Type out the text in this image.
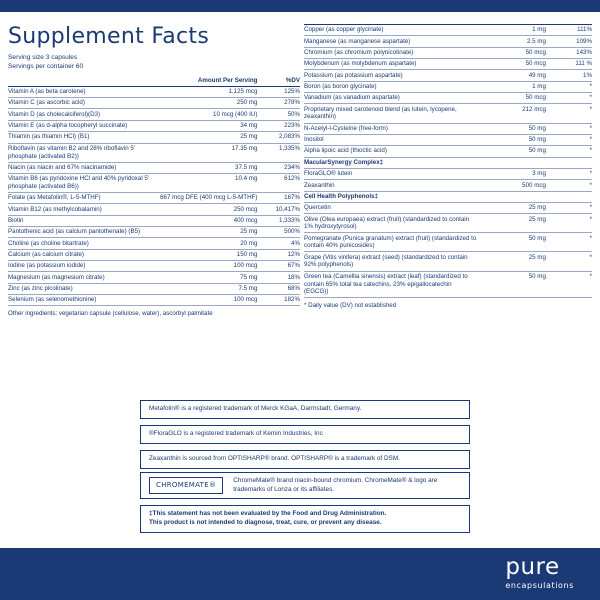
Supplement Facts
Serving size 3 capsules
Servings per container 60
	Amount Per Serving	%DV
Vitamin A (as beta carotene)	1,125 mcg	125%
Vitamin C (as ascorbic acid)	250 mg	278%
Vitamin D (as cholecalciferol)(D3)	10 mcg (400 IU)	50%
Vitamin E (as d-alpha tocopheryl succinate)	34 mg	223%
Thiamin (as thiamin HCl) (B1)	25 mg	2,083%
Riboflavin (as vitamin B2 and 28% riboflavin 5' phosphate (activated B2))	17.35 mg	1,335%
Niacin (as niacin and 67% niacinamide)	37.5 mg	234%
Vitamin B6 (as pyridoxine HCl and 40% pyridoxal 5' phosphate (activated B6))	10.4 mg	612%
Folate (as Metafolin®, L-5-MTHF)	667 mcg DFE (400 mcg L-5-MTHF)	167%
Vitamin B12 (as methylcobalamin)	250 mcg	10,417%
Biotin	400 mcg	1,333%
Pantothenic acid (as calcium pantothenate) (B5)	25 mg	500%
Choline (as choline bitartrate)	20 mg	4%
Calcium (as calcium citrate)	150 mg	12%
Iodine (as potassium iodide)	100 mcg	67%
Magnesium (as magnesium citrate)	75 mg	18%
Zinc (as zinc picolinate)	7.5 mg	68%
Selenium (as selenomethionine)	100 mcg	182%
Other ingredients: vegetarian capsule (cellulose, water), ascorbyl palmitate

Copper (as copper glycinate)	1 mg	111%
Manganese (as manganese aspartate)	2.5 mg	109%
Chromium (as chromium polynicotinate)	50 mcg	143%
Molybdenum (as molybdenum aspartate)	50 mcg	111 %
Potassium (as potassium aspartate)	49 mg	1%
Boron (as boron glycinate)	1 mg	*
Vanadium (as vanadium aspartate)	50 mcg	*
Proprietary mixed carotenoid blend (as lutein, lycopene, zeaxanthin)	212 mcg	*
N-Acetyl-l-Cysteine (free-form)	50 mg	*
Inositol	50 mg	*
Alpha lipoic acid (thioctic acid)	50 mg	*
MacularSynergy Complex‡		
FloraGLO® lutein	3 mg	*
Zeaxanthin	500 mcg	*
Cell Health Polyphenols‡		
Quercetin	25 mg	*
Olive (Olea europaea) extract (fruit) (standardized to contain 1% hydroxytyrosol)	25 mg	*
Pomegranate (Punica granatum) extract (fruit) (standardized to contain 40% punicosides)	50 mg	*
Grape (Vitis vinifera) extract (seed) (standardized to contain 92% polyphenols)	25 mg	*
Green tea (Camellia sinensis) extract (leaf) (standardized to contain 65% total tea catechins, 23% epigallocatechin (EGCG))	50 mg	*
* Daily value (DV) not established
Metafolin® is a registered trademark of Merck KGaA, Darmstadt, Germany.
®FloraGLO is a registered trademark of Kemin Industries, Inc
Zeaxanthin is sourced from OPTISHARP® brand. OPTISHARP® is a trademark of DSM.
CHROMEMATE®
ChromeMate® brand niacin-bound chromium. ChromeMate® & logo are trademarks of Lonza or its affiliates.
‡This statement has not been evaluated by the Food and Drug Administration.
This product is not intended to diagnose, treat, cure, or prevent any disease.
pure
encapsulations
